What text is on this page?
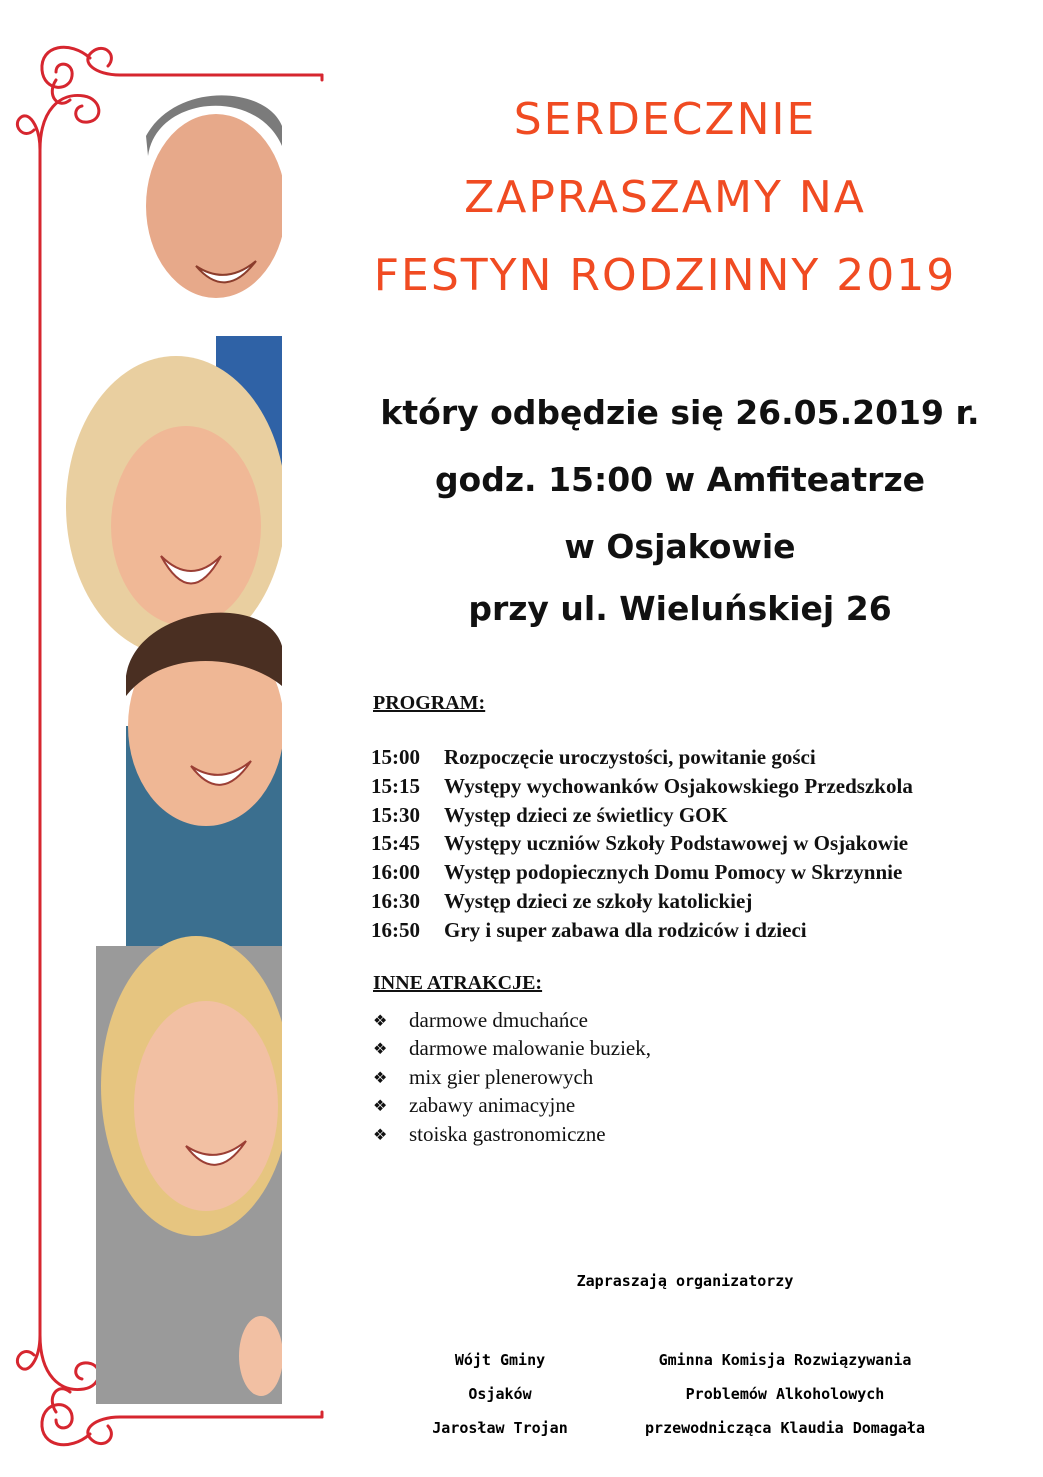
SERDECZNIE
ZAPRASZAMY NA
FESTYN RODZINNY 2019

który odbędzie się 26.05.2019 r.

godz. 15:00 w Amfiteatrze

w Osjakowie

przy ul. Wieluńskiej 26

PROGRAM:

15:00 Rozpoczęcie uroczystości, powitanie gości
15:15 Występy wychowanków Osjakowskiego Przedszkola
15:30 Występ dzieci ze świetlicy GOK
15:45 Występy uczniów Szkoły Podstawowej w Osjakowie
16:00 Występ podopiecznych Domu Pomocy w Skrzynnie
16:30 Występ dzieci ze szkoły katolickiej
16:50 Gry i super zabawa dla rodziców i dzieci

INNE ATRAKCJE:

❖ darmowe dmuchańce
❖ darmowe malowanie buziek,
❖ mix gier plenerowych
❖ zabawy animacyjne
❖ stoiska gastronomiczne

Zapraszają organizatorzy

Wójt Gminy
Osjaków
Jarosław Trojan
Gminna Komisja Rozwiązywania
Problemów Alkoholowych
przewodnicząca Klaudia Domagała
